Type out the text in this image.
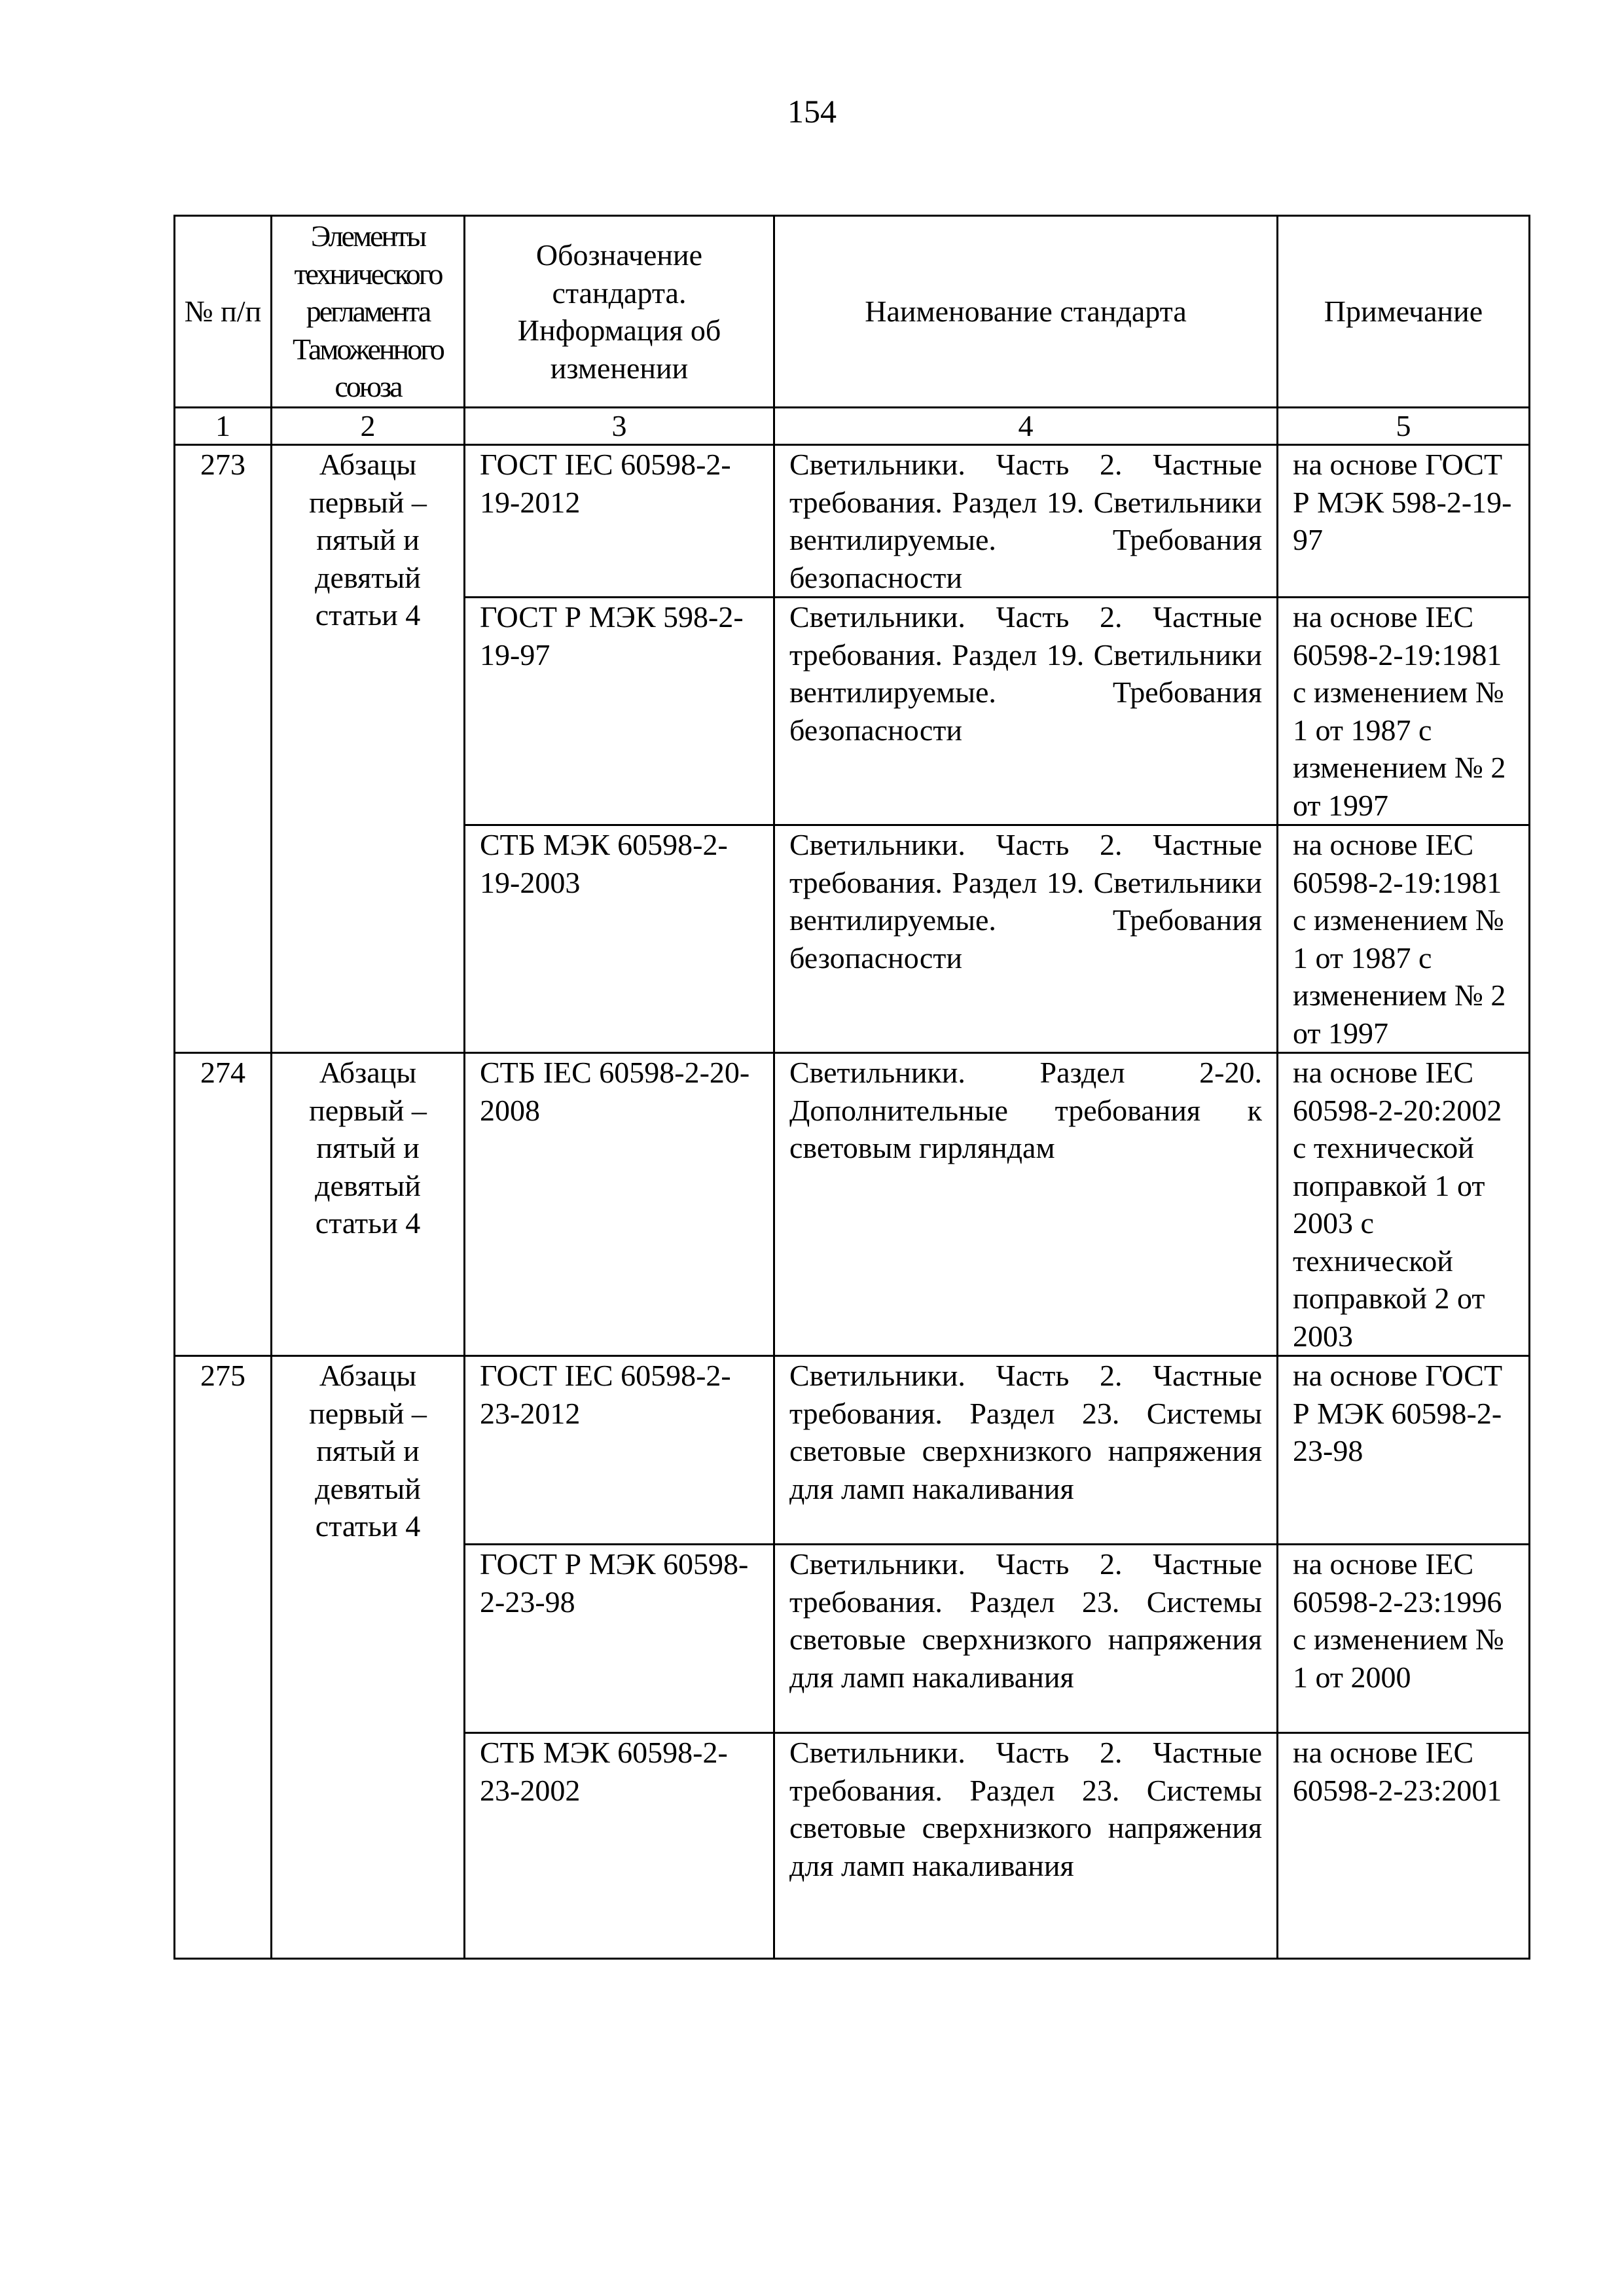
154
№ п/п	Элементы технического регламента Таможенного союза	Обозначение стандарта. Информация об изменении	Наименование стандарта	Примечание
1	2	3	4	5
273	Абзацы первый – пятый и девятый статьи 4	ГОСТ IEC 60598-2-19-2012	Светильники. Часть 2. Частные требования. Раздел 19. Светильники вентилируемые. Требования безопасности	на основе ГОСТ Р МЭК 598-2-19-97
		ГОСТ Р МЭК 598-2-19-97	Светильники. Часть 2. Частные требования. Раздел 19. Светильники вентилируемые. Требования безопасности	на основе IEC 60598-2-19:1981 с изменением № 1 от 1987 с изменением № 2 от 1997
		СТБ МЭК 60598-2-19-2003	Светильники. Часть 2. Частные требования. Раздел 19. Светильники вентилируемые. Требования безопасности	на основе IEC 60598-2-19:1981 с изменением № 1 от 1987 с изменением № 2 от 1997
274	Абзацы первый – пятый и девятый статьи 4	СТБ IEC 60598-2-20-2008	Светильники. Раздел 2-20. Дополнительные требования к световым гирляндам	на основе IEC 60598-2-20:2002 с технической поправкой 1 от 2003 с технической поправкой 2 от 2003
275	Абзацы первый – пятый и девятый статьи 4	ГОСТ IEC 60598-2-23-2012	Светильники. Часть 2. Частные требования. Раздел 23. Системы световые сверхнизкого напряжения для ламп накаливания	на основе ГОСТ Р МЭК 60598-2-23-98
		ГОСТ Р МЭК 60598-2-23-98	Светильники. Часть 2. Частные требования. Раздел 23. Системы световые сверхнизкого напряжения для ламп накаливания	на основе IEC 60598-2-23:1996 с изменением № 1 от 2000
		СТБ МЭК 60598-2-23-2002	Светильники. Часть 2. Частные требования. Раздел 23. Системы световые сверхнизкого напряжения для ламп накаливания	на основе IEC 60598-2-23:2001
